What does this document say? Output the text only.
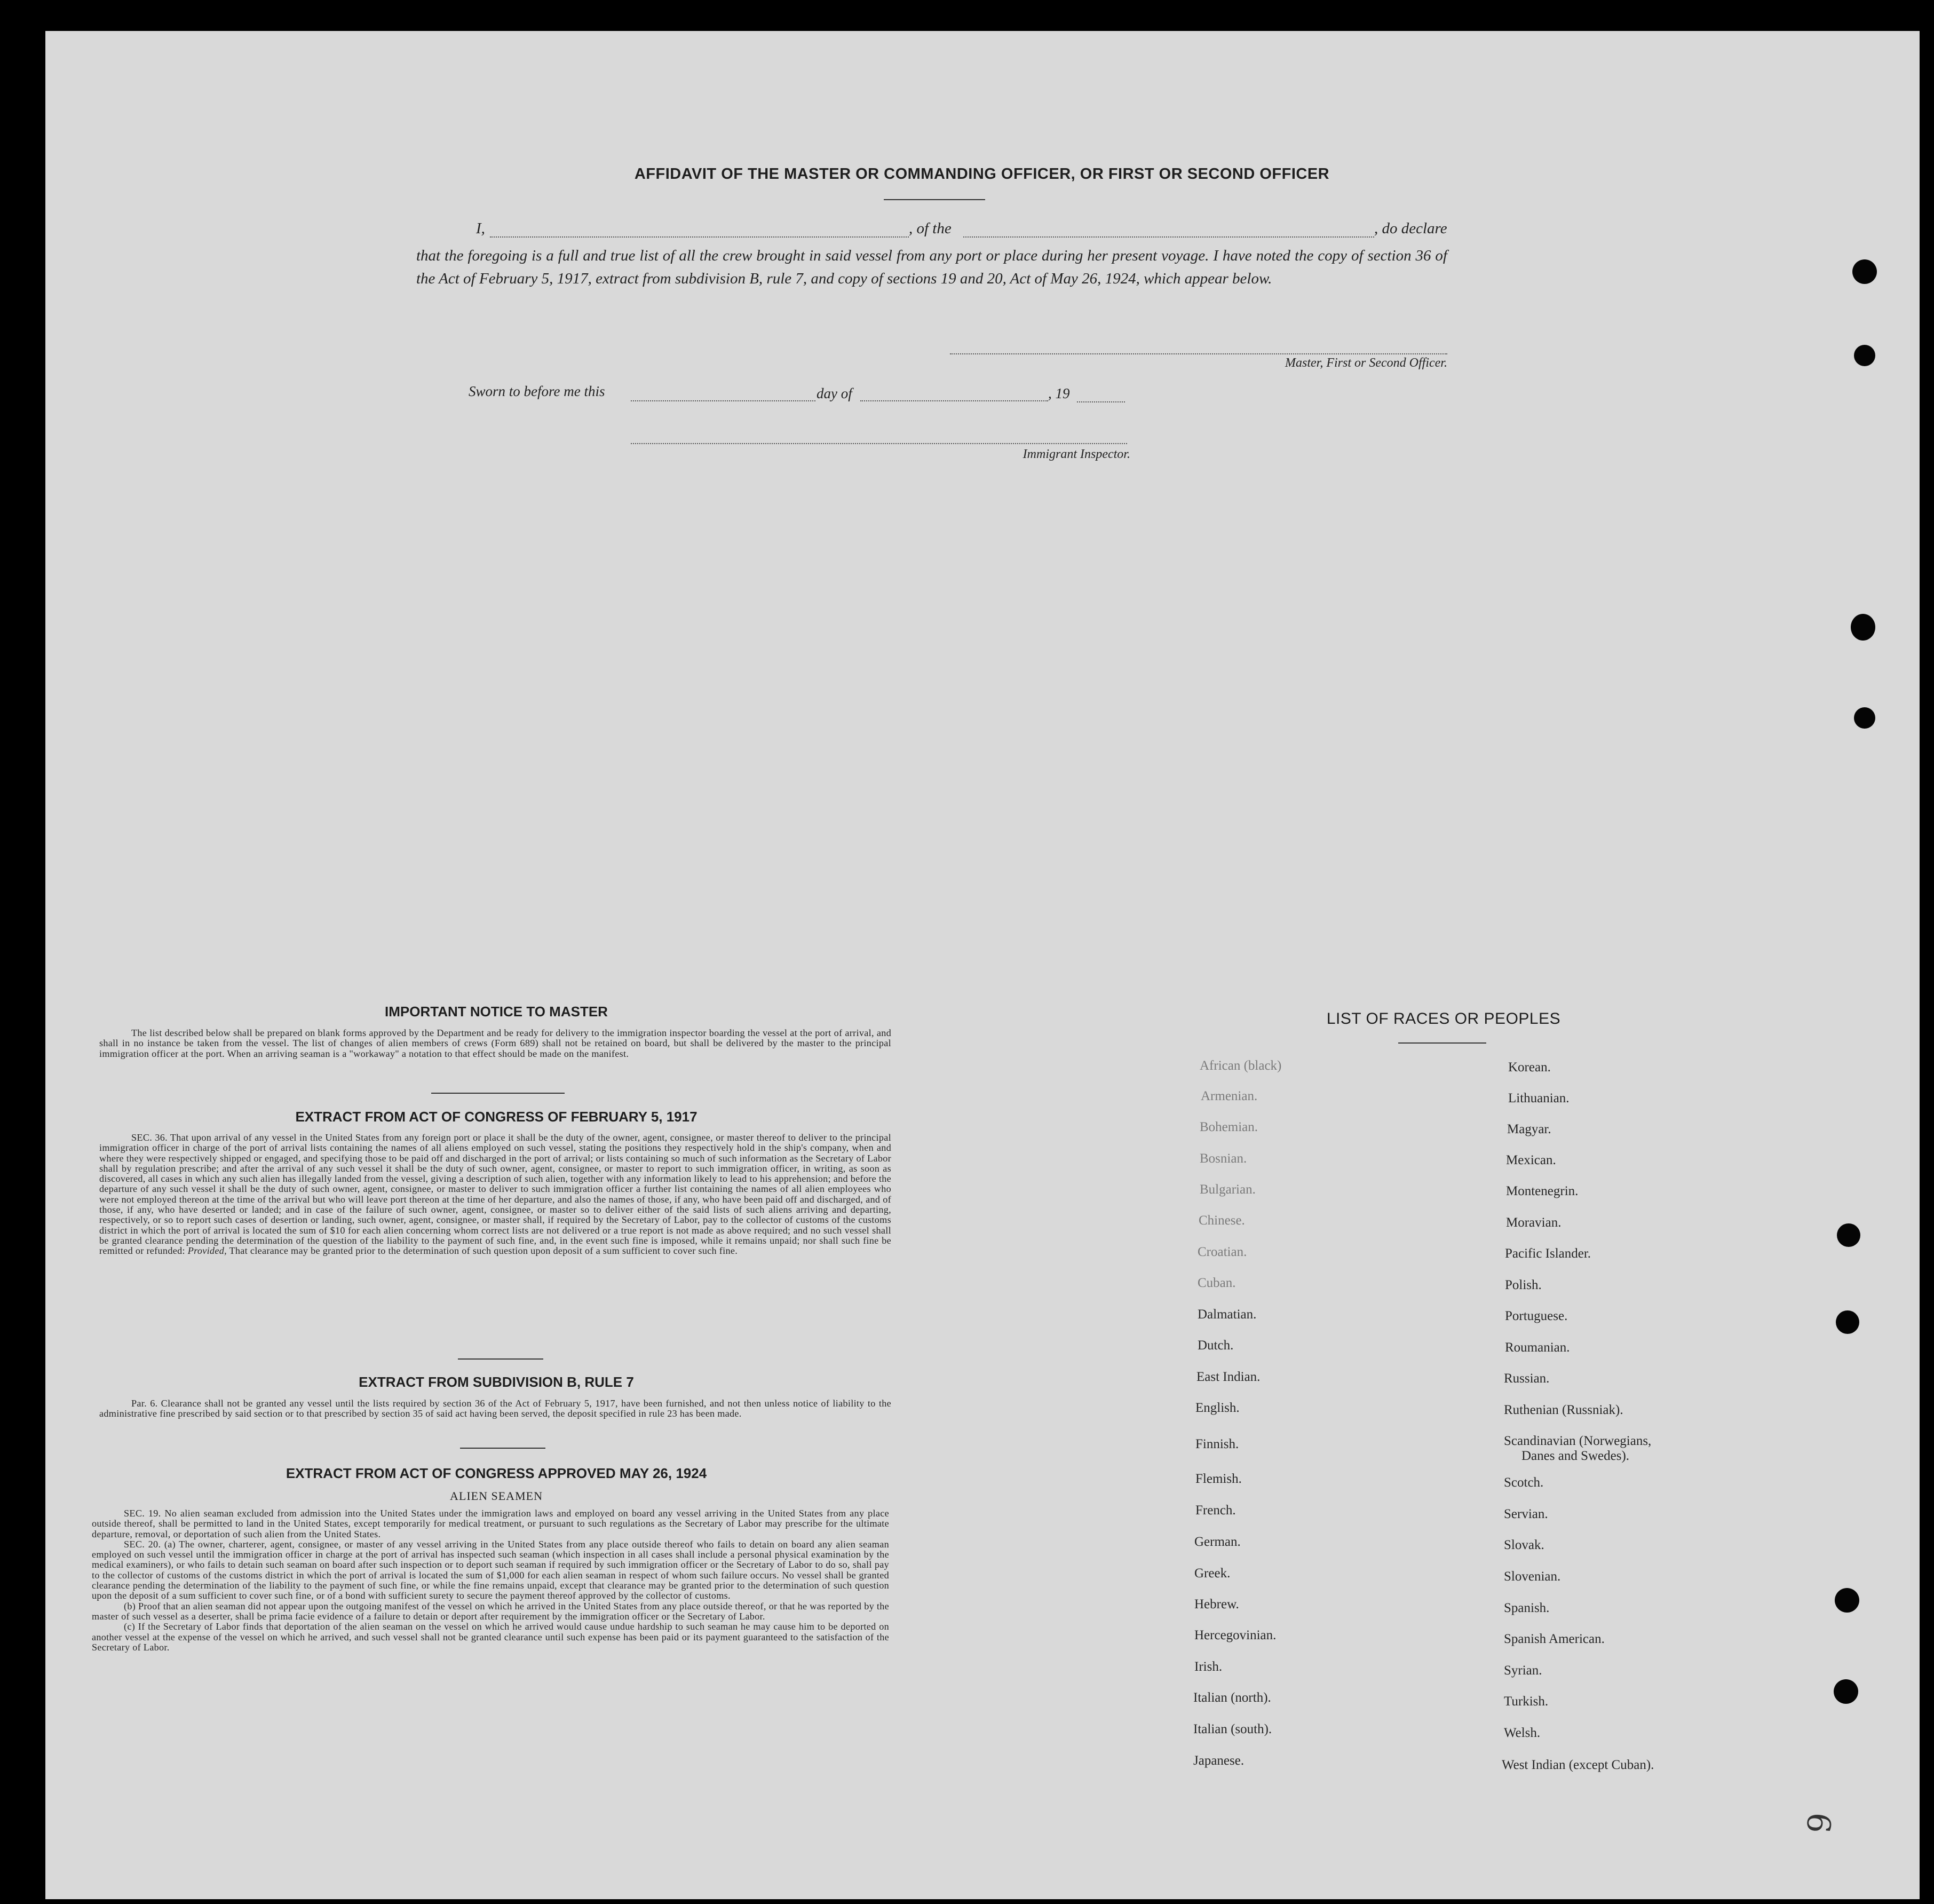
AFFIDAVIT OF THE MASTER OR COMMANDING OFFICER, OR FIRST OR SECOND OFFICER
I,	, of the	, do declare
that the foregoing is a full and true list of all the crew brought in said vessel from any port or place during her present voyage. I have noted the copy of section 36 of the Act of February 5, 1917, extract from subdivision B, rule 7, and copy of sections 19 and 20, Act of May 26, 1924, which appear below.
Master, First or Second Officer.
Sworn to before me this	day of	, 19
Immigrant Inspector.
IMPORTANT NOTICE TO MASTER

The list described below shall be prepared on blank forms approved by the Department and be ready for delivery to the immigration inspector boarding the vessel at the port of arrival, and shall in no instance be taken from the vessel. The list of changes of alien members of crews (Form 689) shall not be retained on board, but shall be delivered by the master to the principal immigration officer at the port. When an arriving seaman is a "workaway" a notation to that effect should be made on the manifest.

EXTRACT FROM ACT OF CONGRESS OF FEBRUARY 5, 1917

SEC. 36. That upon arrival of any vessel in the United States from any foreign port or place it shall be the duty of the owner, agent, consignee, or master thereof to deliver to the principal immigration officer in charge of the port of arrival lists containing the names of all aliens employed on such vessel, stating the positions they respectively hold in the ship's company, when and where they were respectively shipped or engaged, and specifying those to be paid off and discharged in the port of arrival; or lists containing so much of such information as the Secretary of Labor shall by regulation prescribe; and after the arrival of any such vessel it shall be the duty of such owner, agent, consignee, or master to report to such immigration officer, in writing, as soon as discovered, all cases in which any such alien has illegally landed from the vessel, giving a description of such alien, together with any information likely to lead to his apprehension; and before the departure of any such vessel it shall be the duty of such owner, agent, consignee, or master to deliver to such immigration officer a further list containing the names of all alien employees who were not employed thereon at the time of the arrival but who will leave port thereon at the time of her departure, and also the names of those, if any, who have been paid off and discharged, and of those, if any, who have deserted or landed; and in case of the failure of such owner, agent, consignee, or master so to deliver either of the said lists of such aliens arriving and departing, respectively, or so to report such cases of desertion or landing, such owner, agent, consignee, or master shall, if required by the Secretary of Labor, pay to the collector of customs of the customs district in which the port of arrival is located the sum of $10 for each alien concerning whom correct lists are not delivered or a true report is not made as above required; and no such vessel shall be granted clearance pending the determination of the question of the liability to the payment of such fine, and, in the event such fine is imposed, while it remains unpaid; nor shall such fine be remitted or refunded: Provided, That clearance may be granted prior to the determination of such question upon deposit of a sum sufficient to cover such fine.

EXTRACT FROM SUBDIVISION B, RULE 7

Par. 6. Clearance shall not be granted any vessel until the lists required by section 36 of the Act of February 5, 1917, have been furnished, and not then unless notice of liability to the administrative fine prescribed by said section or to that prescribed by section 35 of said act having been served, the deposit specified in rule 23 has been made.

EXTRACT FROM ACT OF CONGRESS APPROVED MAY 26, 1924
ALIEN SEAMEN

SEC. 19. No alien seaman excluded from admission into the United States under the immigration laws and employed on board any vessel arriving in the United States from any place outside thereof, shall be permitted to land in the United States, except temporarily for medical treatment, or pursuant to such regulations as the Secretary of Labor may prescribe for the ultimate departure, removal, or deportation of such alien from the United States.

SEC. 20. (a) The owner, charterer, agent, consignee, or master of any vessel arriving in the United States from any place outside thereof who fails to detain on board any alien seaman employed on such vessel until the immigration officer in charge at the port of arrival has inspected such seaman (which inspection in all cases shall include a personal physical examination by the medical examiners), or who fails to detain such seaman on board after such inspection or to deport such seaman if required by such immigration officer or the Secretary of Labor to do so, shall pay to the collector of customs of the customs district in which the port of arrival is located the sum of $1,000 for each alien seaman in respect of whom such failure occurs. No vessel shall be granted clearance pending the determination of the liability to the payment of such fine, or while the fine remains unpaid, except that clearance may be granted prior to the determination of such question upon the deposit of a sum sufficient to cover such fine, or of a bond with sufficient surety to secure the payment thereof approved by the collector of customs.

(b) Proof that an alien seaman did not appear upon the outgoing manifest of the vessel on which he arrived in the United States from any place outside thereof, or that he was reported by the master of such vessel as a deserter, shall be prima facie evidence of a failure to detain or deport after requirement by the immigration officer or the Secretary of Labor.

(c) If the Secretary of Labor finds that deportation of the alien seaman on the vessel on which he arrived would cause undue hardship to such seaman he may cause him to be deported on another vessel at the expense of the vessel on which he arrived, and such vessel shall not be granted clearance until such expense has been paid or its payment guaranteed to the satisfaction of the Secretary of Labor.

LIST OF RACES OR PEOPLES
African (black)
Armenian.
Bohemian.
Bosnian.
Bulgarian.
Chinese.
Croatian.
Cuban.
Dalmatian.
Dutch.
East Indian.
English.
Finnish.
Flemish.
French.
German.
Greek.
Hebrew.
Hercegovinian.
Irish.
Italian (north).
Italian (south).
Japanese.
Korean.
Lithuanian.
Magyar.
Mexican.
Montenegrin.
Moravian.
Pacific Islander.
Polish.
Portuguese.
Roumanian.
Russian.
Ruthenian (Russniak).
Scandinavian (Norwegians,
Danes and Swedes).
Scotch.
Servian.
Slovak.
Slovenian.
Spanish.
Spanish American.
Syrian.
Turkish.
Welsh.
West Indian (except Cuban).
6
